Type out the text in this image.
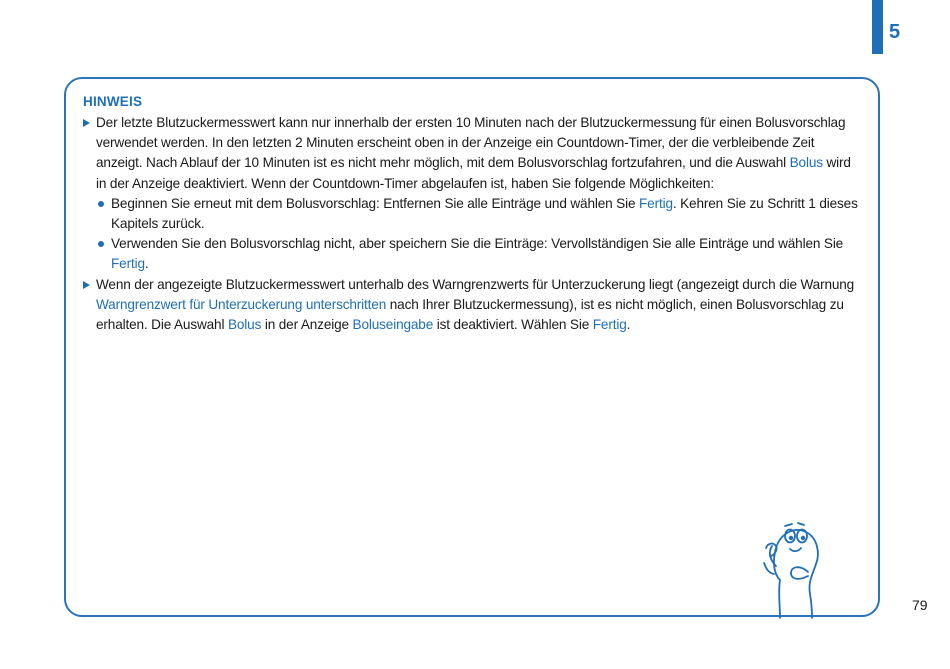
5
HINWEIS

Der letzte Blutzuckermesswert kann nur innerhalb der ersten 10 Minuten nach der Blutzuckermessung für einen Bolusvorschlag verwendet werden. In den letzten 2 Minuten erscheint oben in der Anzeige ein Countdown-Timer, der die verbleibende Zeit anzeigt. Nach Ablauf der 10 Minuten ist es nicht mehr möglich, mit dem Bolusvorschlag fortzufahren, und die Auswahl Bolus wird in der Anzeige deaktiviert. Wenn der Countdown-Timer abgelaufen ist, haben Sie folgende Möglichkeiten:

Beginnen Sie erneut mit dem Bolusvorschlag: Entfernen Sie alle Einträge und wählen Sie Fertig. Kehren Sie zu Schritt 1 dieses Kapitels zurück.

Verwenden Sie den Bolusvorschlag nicht, aber speichern Sie die Einträge: Vervollständigen Sie alle Einträge und wählen Sie Fertig.

Wenn der angezeigte Blutzuckermesswert unterhalb des Warngrenzwerts für Unterzuckerung liegt (angezeigt durch die Warnung Warngrenzwert für Unterzuckerung unterschritten nach Ihrer Blutzuckermessung), ist es nicht möglich, einen Bolusvorschlag zu erhalten. Die Auswahl Bolus in der Anzeige Boluseingabe ist deaktiviert. Wählen Sie Fertig.

79
